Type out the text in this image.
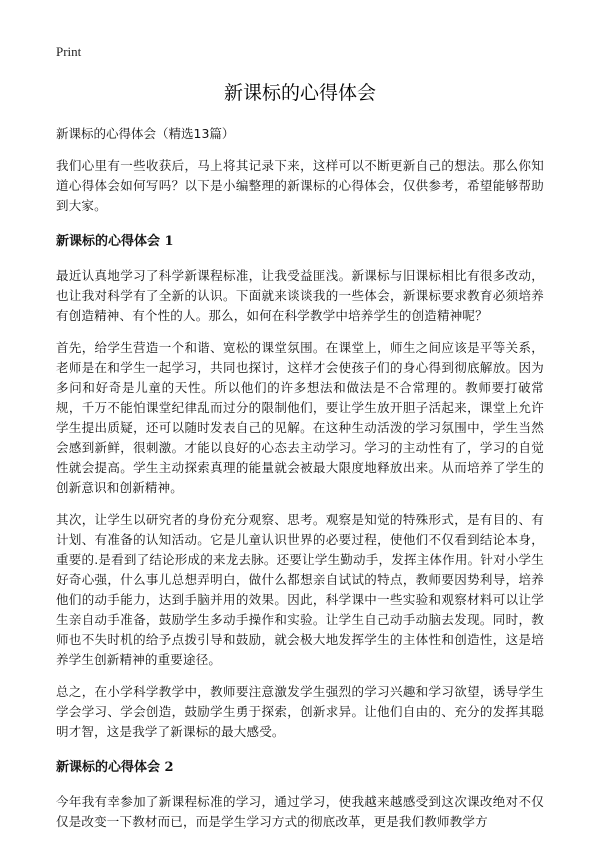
Print
新课标的心得体会
新课标的心得体会（精选13篇）

我们心里有一些收获后，马上将其记录下来，这样可以不断更新自己的想法。那么你知道心得体会如何写吗？以下是小编整理的新课标的心得体会，仅供参考，希望能够帮助到大家。

新课标的心得体会 1

最近认真地学习了科学新课程标准，让我受益匪浅。新课标与旧课标相比有很多改动，也让我对科学有了全新的认识。下面就来谈谈我的一些体会，新课标要求教育必须培养有创造精神、有个性的人。那么，如何在科学教学中培养学生的创造精神呢？

首先，给学生营造一个和谐、宽松的课堂氛围。在课堂上，师生之间应该是平等关系，老师是在和学生一起学习，共同也探讨，这样才会使孩子们的身心得到彻底解放。因为多问和好奇是儿童的天性。所以他们的许多想法和做法是不合常理的。教师要打破常规，千万不能怕课堂纪律乱而过分的限制他们，要让学生放开胆子活起来，课堂上允许学生提出质疑，还可以随时发表自己的见解。在这种生动活泼的学习氛围中，学生当然会感到新鲜，很刺激。才能以良好的心态去主动学习。学习的主动性有了，学习的自觉性就会提高。学生主动探索真理的能量就会被最大限度地释放出来。从而培养了学生的创新意识和创新精神。

其次，让学生以研究者的身份充分观察、思考。观察是知觉的特殊形式，是有目的、有计划、有准备的认知活动。它是儿童认识世界的必要过程，使他们不仅看到结论本身，重要的.是看到了结论形成的来龙去脉。还要让学生勤动手，发挥主体作用。针对小学生好奇心强，什么事儿总想弄明白，做什么都想亲自试试的特点，教师要因势利导，培养他们的动手能力，达到手脑并用的效果。因此，科学课中一些实验和观察材料可以让学生亲自动手准备，鼓励学生多动手操作和实验。让学生自己动手动脑去发现。同时，教师也不失时机的给予点拨引导和鼓励，就会极大地发挥学生的主体性和创造性，这是培养学生创新精神的重要途径。

总之，在小学科学教学中，教师要注意激发学生强烈的学习兴趣和学习欲望，诱导学生学会学习、学会创造，鼓励学生勇于探索，创新求异。让他们自由的、充分的发挥其聪明才智，这是我学了新课标的最大感受。

新课标的心得体会 2

今年我有幸参加了新课程标准的学习，通过学习，使我越来越感受到这次课改绝对不仅仅是改变一下教材而已，而是学生学习方式的彻底改革，更是我们教师教学方
